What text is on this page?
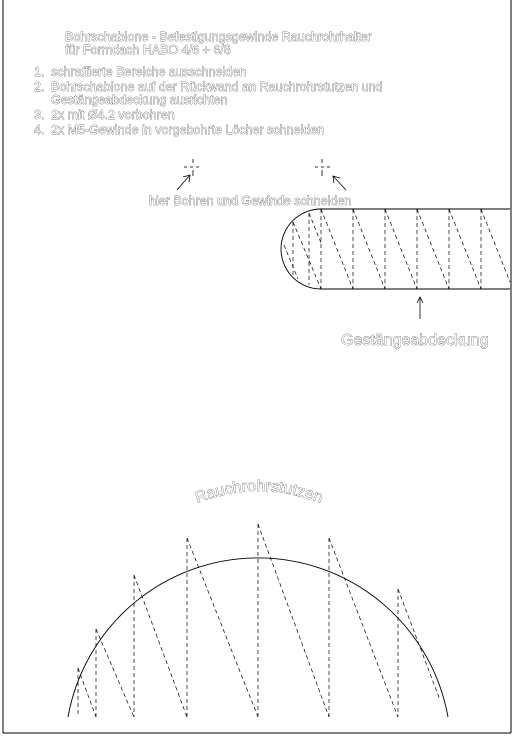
Bohrschablone - Befestigungsgewinde Rauchrohrhalter
für Formdach HABO 4/6 + 6/8
1. schraffierte Bereiche ausschneiden
2. Bohrschablone auf der Rückwand an Rauchrohrstutzen und
Gestängeabdeckung ausrichten
3. 2x mit Ø4.2 vorbohren
4. 2x M5-Gewinde in vorgebohrte Löcher schneiden
hier Bohren und Gewinde schneiden
Gestängeabdeckung
Rauchrohrstutzen
